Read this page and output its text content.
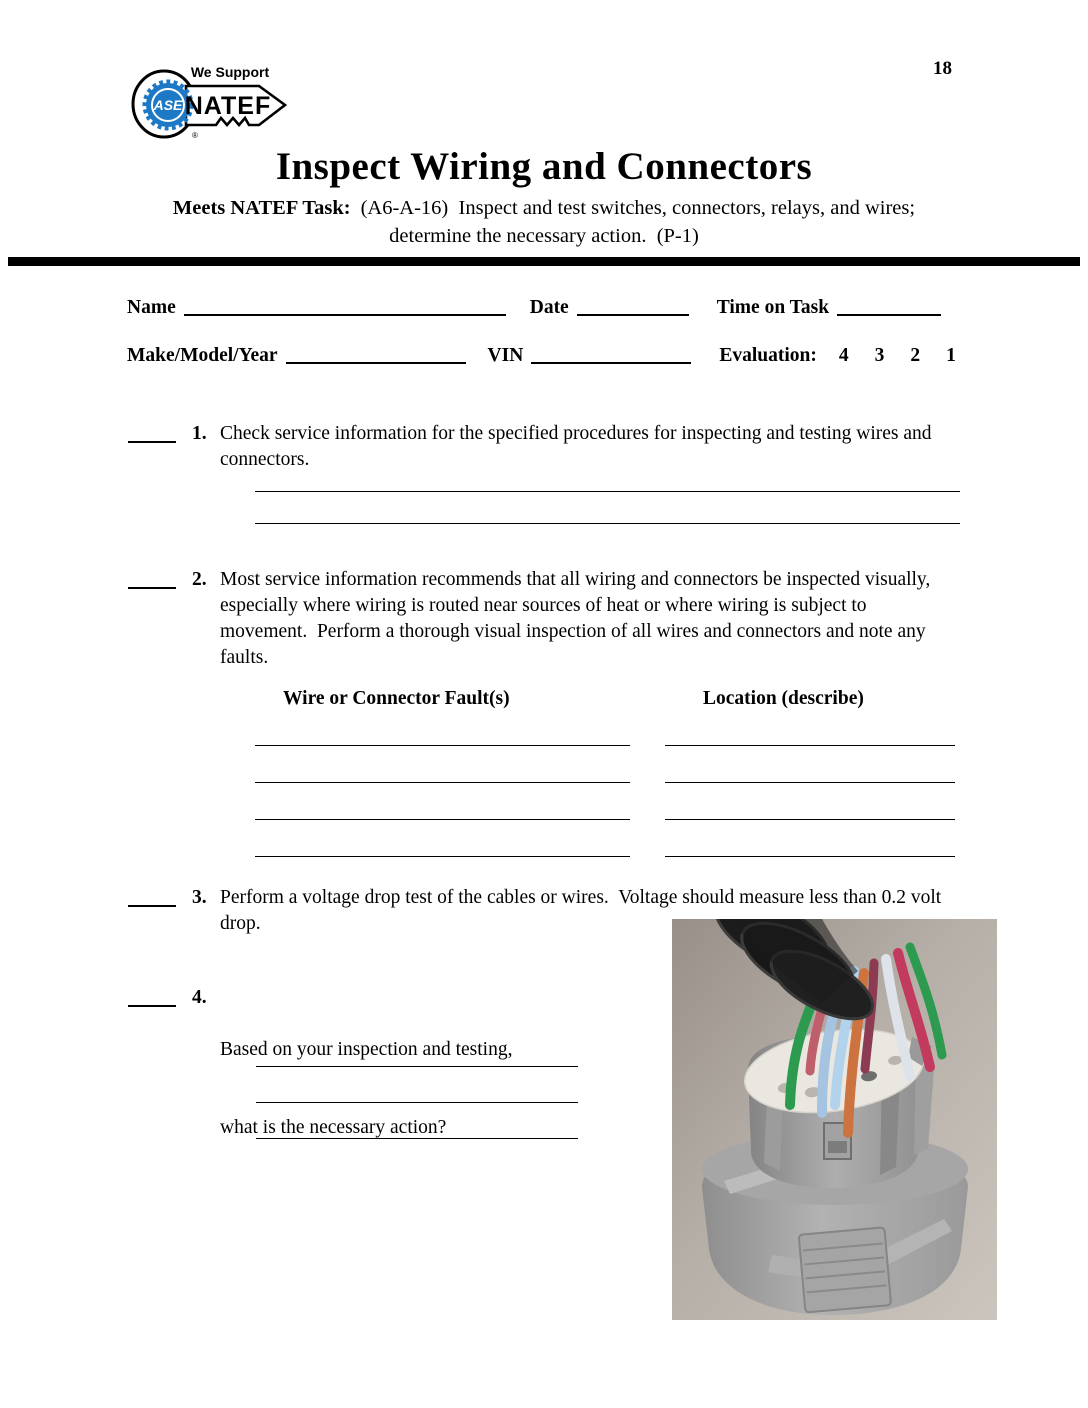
ASE
We Support
NATEF
®
18
Inspect Wiring and Connectors
Meets NATEF Task: (A6-A-16)  Inspect and test switches, connectors, relays, and wires;
determine the necessary action.  (P-1)
Name	Date	Time on Task
Make/Model/Year	VIN	Evaluation: 4 3 2 1
1. Check service information for the specified procedures for inspecting and testing wires and connectors.
2. Most service information recommends that all wiring and connectors be inspected visually, especially where wiring is routed near sources of heat or where wiring is subject to movement.  Perform a thorough visual inspection of all wires and connectors and note any faults.
Wire or Connector Fault(s)	Location (describe)
3. Perform a voltage drop test of the cables or wires.  Voltage should measure less than 0.2 volt drop.
4.

Based on your inspection and testing,

what is the necessary action?
